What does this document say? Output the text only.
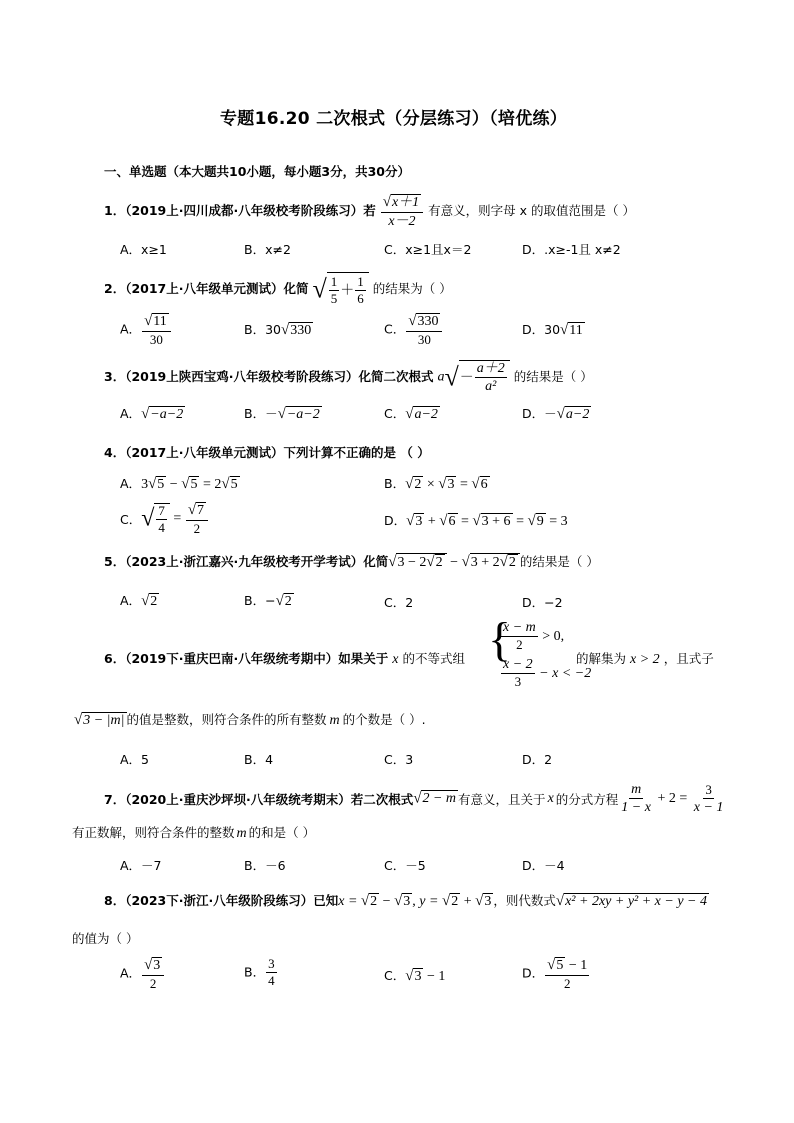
专题16.20 二次根式（分层练习）（培优练）
一、单选题（本大题共10小题，每小题3分，共30分）
1．（2019上·四川成都·八年级校考阶段练习）若 $\frac{√x+1}{x-2}$ 有意义，则字母 x 的取值范围是（ ）
A．x≥1	B．x≠2	C．x≥1且x＝2	D．.x≥-1且 x≠2
2．（2017上·八年级单元测试）化简 √ $\frac{1}{5} + \frac{1}{6}$ 的结果为（ ）
A． $\frac{√11}{30}$	B．30√330	C． $\frac{√330}{30}$	D．30√11
3．（2019上陕西宝鸡·八年级校考阶段练习）化简二次根式 $a√- \frac{a+2}{\text{a²}}$ 的结果是（ ）
A．√−a−2	B．－√−a−2	C．√a−2	D．－√a−2
4．（2017上·八年级单元测试）下列计算不正确的是 （ ）
A．3√5 − √5 = 2√5	B．√2 × √3 = √6
C．√ $\frac{7}{4} = \frac{√7}{2}$	D．√3 + √6 = √3 + 6 = √9 = 3
5．（2023上·浙江嘉兴·九年级校考开学考试）化简√3 − 2√2 − √3 + 2√2 的结果是（ ）
A．√2	B．−√2	C．2	D．−2
6．（2019下·重庆巴南·八年级统考期中）如果关于 x 的不等式组 {
$\frac{x - m}{2} > 0$,
$\frac{x - 2}{3} - x < -2$
的解集为 x > 2 ，且式子
√3 − |m| 的值是整数，则符合条件的所有整数 m 的个数是（ ）.
A．5	B．4	C．3	D．2
7．（2020上·重庆沙坪坝·八年级统考期末）若二次根式√2 − m 有意义，且关于 x 的分式方程 $\frac{m}{1 - x} + 2 = \frac{3}{x - 1}$
有正数解，则符合条件的整数 m 的和是（ ）
A．－7	B．－6	C．－5	D．－4
8．（2023下·浙江·八年级阶段练习）已知x = √2 − √3 , y = √2 + √3 ，则代数式√x² + 2xy + y² + x − y − 4
的值为（ ）
A． $\frac{√3}{2}$	B． $\frac{3}{4}$	C．√3 − 1	D． $\frac{√5 - 1}{2}$
